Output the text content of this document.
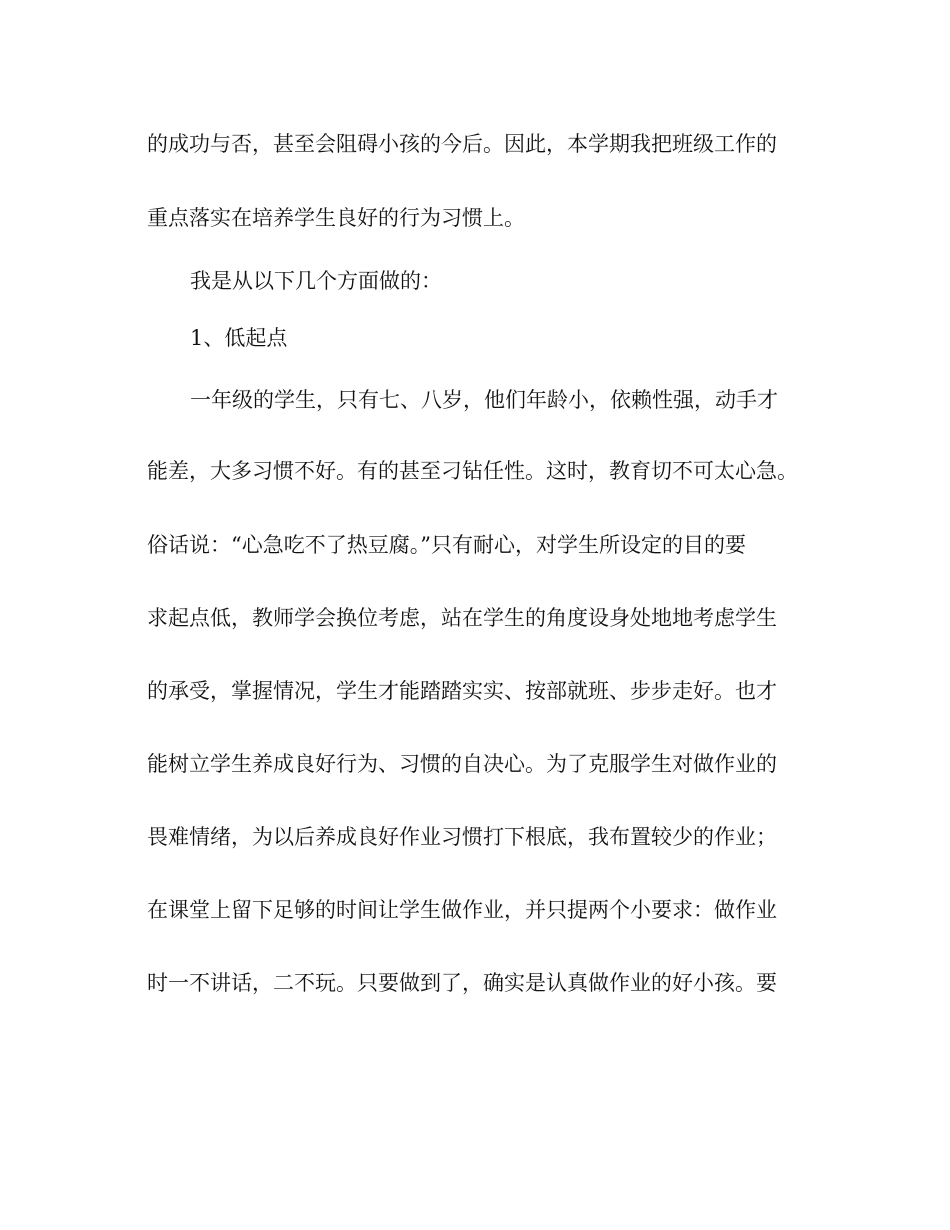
的成功与否，甚至会阻碍小孩的今后。因此，本学期我把班级工作的

重点落实在培养学生良好的行为习惯上。

我是从以下几个方面做的：

1、低起点

一年级的学生，只有七、八岁，他们年龄小，依赖性强，动手才

能差，大多习惯不好。有的甚至刁钻任性。这时，教育切不可太心急。

俗话说：“心急吃不了热豆腐。”只有耐心，对学生所设定的目的要

求起点低，教师学会换位考虑，站在学生的角度设身处地地考虑学生

的承受，掌握情况，学生才能踏踏实实、按部就班、步步走好。也才

能树立学生养成良好行为、习惯的自决心。为了克服学生对做作业的

畏难情绪，为以后养成良好作业习惯打下根底，我布置较少的作业；

在课堂上留下足够的时间让学生做作业，并只提两个小要求：做作业

时一不讲话，二不玩。只要做到了，确实是认真做作业的好小孩。要
